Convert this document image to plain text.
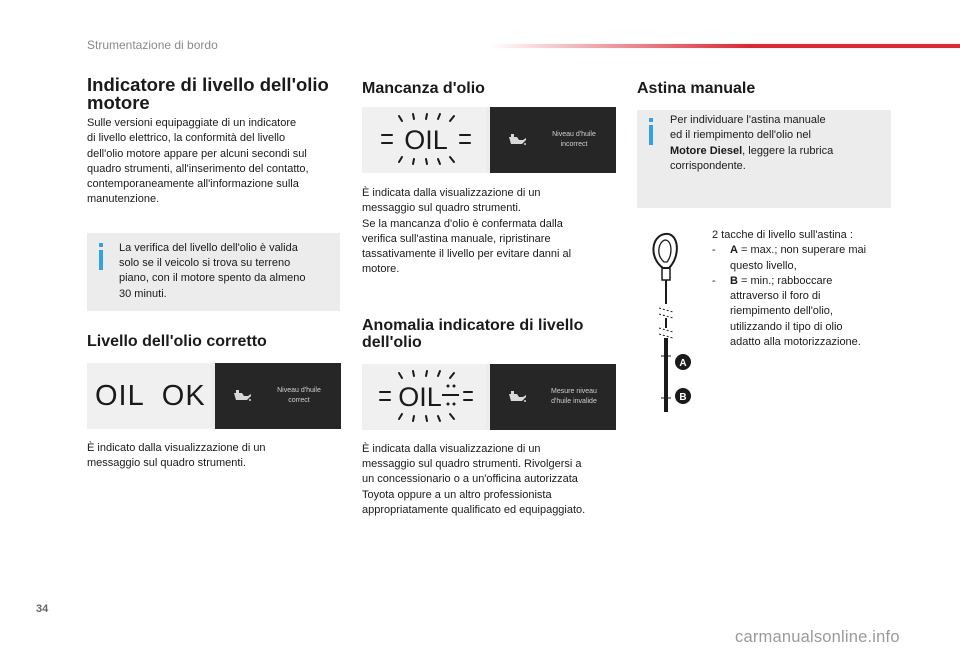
Strumentazione di bordo
Indicatore di livello dell'olio
motore

Sulle versioni equipaggiate di un indicatore
di livello elettrico, la conformità del livello
dell'olio motore appare per alcuni secondi sul
quadro strumenti, all'inserimento del contatto,
contemporaneamente all'informazione sulla
manutenzione.

La verifica del livello dell'olio è valida
solo se il veicolo si trova su terreno
piano, con il motore spento da almeno
30 minuti.

Livello dell'olio corretto
OIL  OK	Niveau d'huile
correct

È indicato dalla visualizzazione di un
messaggio sul quadro strumenti.

Mancanza d'olio
OIL	Niveau d'huile
incorrect

È indicata dalla visualizzazione di un
messaggio sul quadro strumenti.
Se la mancanza d'olio è confermata dalla
verifica sull'astina manuale, ripristinare
tassativamente il livello per evitare danni al
motore.

Anomalia indicatore di livello
dell'olio
OIL	Mesure niveau
d'huile invalide

È indicata dalla visualizzazione di un
messaggio sul quadro strumenti. Rivolgersi a
un concessionario o a un'officina autorizzata
Toyota oppure a un altro professionista
appropriatamente qualificato ed equipaggiato.

Astina manuale

Per individuare l'astina manuale
ed il riempimento dell'olio nel
Motore Diesel, leggere la rubrica
corrispondente.

A
B
2 tacche di livello sull'astina :
- A = max.; non superare mai
questo livello,
- B = min.; rabboccare
attraverso il foro di
riempimento dell'olio,
utilizzando il tipo di olio
adatto alla motorizzazione.
34
carmanualsonline.info
